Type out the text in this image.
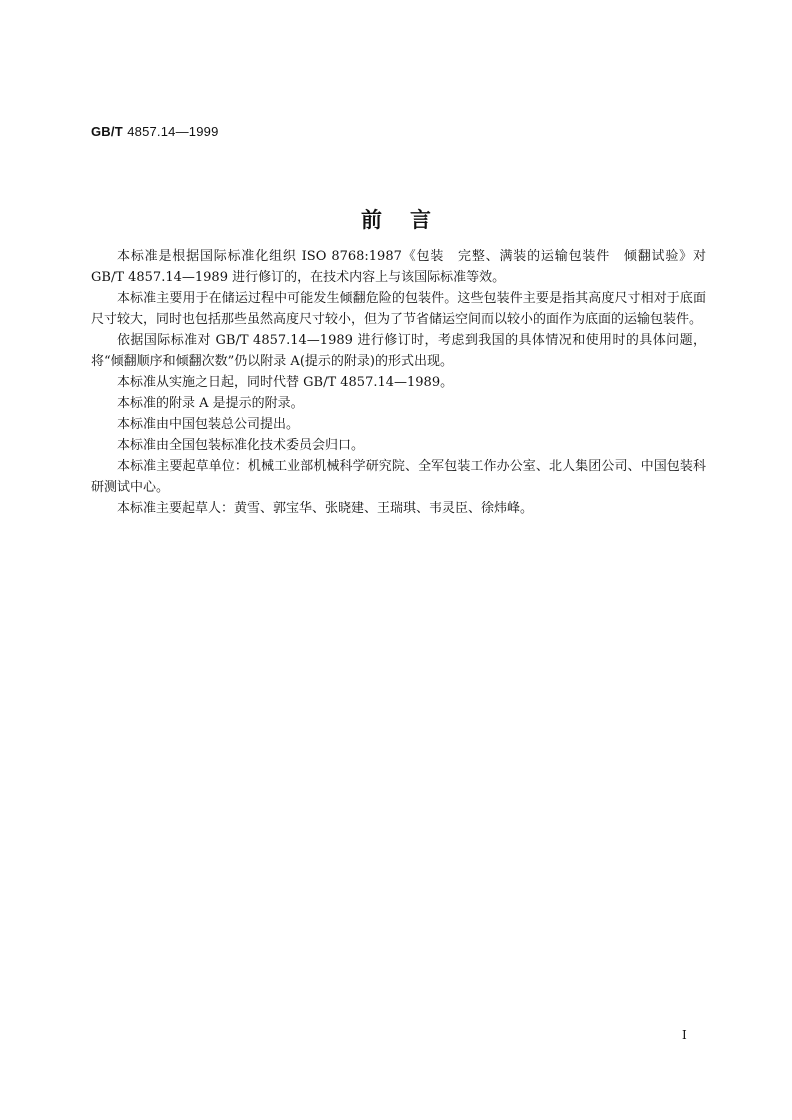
GB/T 4857.14—1999
前言

本标准是根据国际标准化组织 ISO 8768:1987《包装　完整、满装的运输包装件　倾翻试验》对 GB/T 4857.14—1989 进行修订的，在技术内容上与该国际标准等效。

本标准主要用于在储运过程中可能发生倾翻危险的包装件。这些包装件主要是指其高度尺寸相对于底面尺寸较大，同时也包括那些虽然高度尺寸较小，但为了节省储运空间而以较小的面作为底面的运输包装件。

依据国际标准对 GB/T 4857.14—1989 进行修订时，考虑到我国的具体情况和使用时的具体问题，将“倾翻顺序和倾翻次数”仍以附录 A(提示的附录)的形式出现。

本标准从实施之日起，同时代替 GB/T 4857.14—1989。

本标准的附录 A 是提示的附录。

本标准由中国包装总公司提出。

本标准由全国包装标准化技术委员会归口。

本标准主要起草单位：机械工业部机械科学研究院、全军包装工作办公室、北人集团公司、中国包装科研测试中心。

本标准主要起草人：黄雪、郭宝华、张晓建、王瑞琪、韦灵臣、徐炜峰。

I
